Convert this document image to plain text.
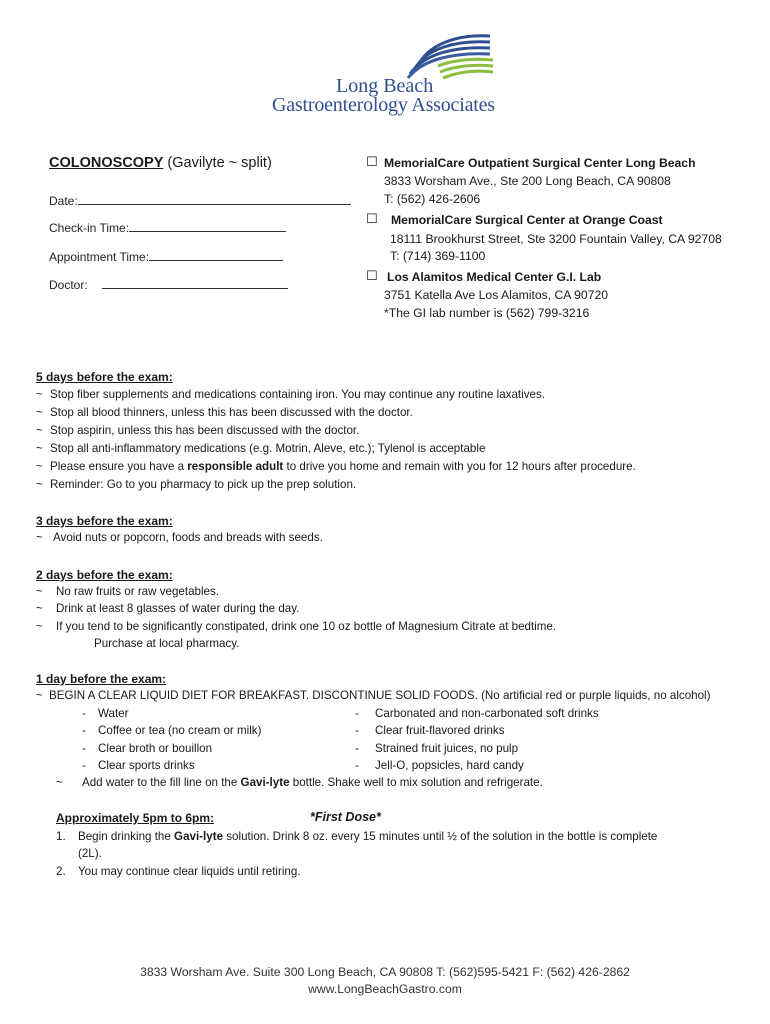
Long Beach
Gastroenterology Associates
COLONOSCOPY (Gavilyte ~ split)
Date:
Check-in Time:
Appointment Time:
Doctor:
☐ MemorialCare Outpatient Surgical Center Long Beach
3833 Worsham Ave., Ste 200 Long Beach, CA 90808
T: (562) 426-2606
☐ MemorialCare Surgical Center at Orange Coast
18111 Brookhurst Street, Ste 3200 Fountain Valley, CA 92708
T: (714) 369-1100
☐ Los Alamitos Medical Center G.I. Lab
3751 Katella Ave Los Alamitos, CA 90720
*The GI lab number is (562) 799-3216
5 days before the exam:
~ Stop fiber supplements and medications containing iron. You may continue any routine laxatives.
~ Stop all blood thinners, unless this has been discussed with the doctor.
~ Stop aspirin, unless this has been discussed with the doctor.
~ Stop all anti-inflammatory medications (e.g. Motrin, Aleve, etc.); Tylenol is acceptable
~ Please ensure you have a responsible adult to drive you home and remain with you for 12 hours after procedure.
~ Reminder: Go to you pharmacy to pick up the prep solution.
3 days before the exam:
~ Avoid nuts or popcorn, foods and breads with seeds.
2 days before the exam:
~ No raw fruits or raw vegetables.
~ Drink at least 8 glasses of water during the day.
~ If you tend to be significantly constipated, drink one 10 oz bottle of Magnesium Citrate at bedtime.
Purchase at local pharmacy.
1 day before the exam:
~ BEGIN A CLEAR LIQUID DIET FOR BREAKFAST. DISCONTINUE SOLID FOODS. (No artificial red or purple liquids, no alcohol)
- Water
- Coffee or tea (no cream or milk)
- Clear broth or bouillon
- Clear sports drinks
- Carbonated and non-carbonated soft drinks
- Clear fruit-flavored drinks
- Strained fruit juices, no pulp
- Jell-O, popsicles, hard candy
~ Add water to the fill line on the Gavi-lyte bottle. Shake well to mix solution and refrigerate.
Approximately 5pm to 6pm:	*First Dose*
1. Begin drinking the Gavi-lyte solution. Drink 8 oz. every 15 minutes until ½ of the solution in the bottle is complete
(2L).
2. You may continue clear liquids until retiring.
3833 Worsham Ave. Suite 300 Long Beach, CA 90808 T: (562)595-5421 F: (562) 426-2862
www.LongBeachGastro.com
